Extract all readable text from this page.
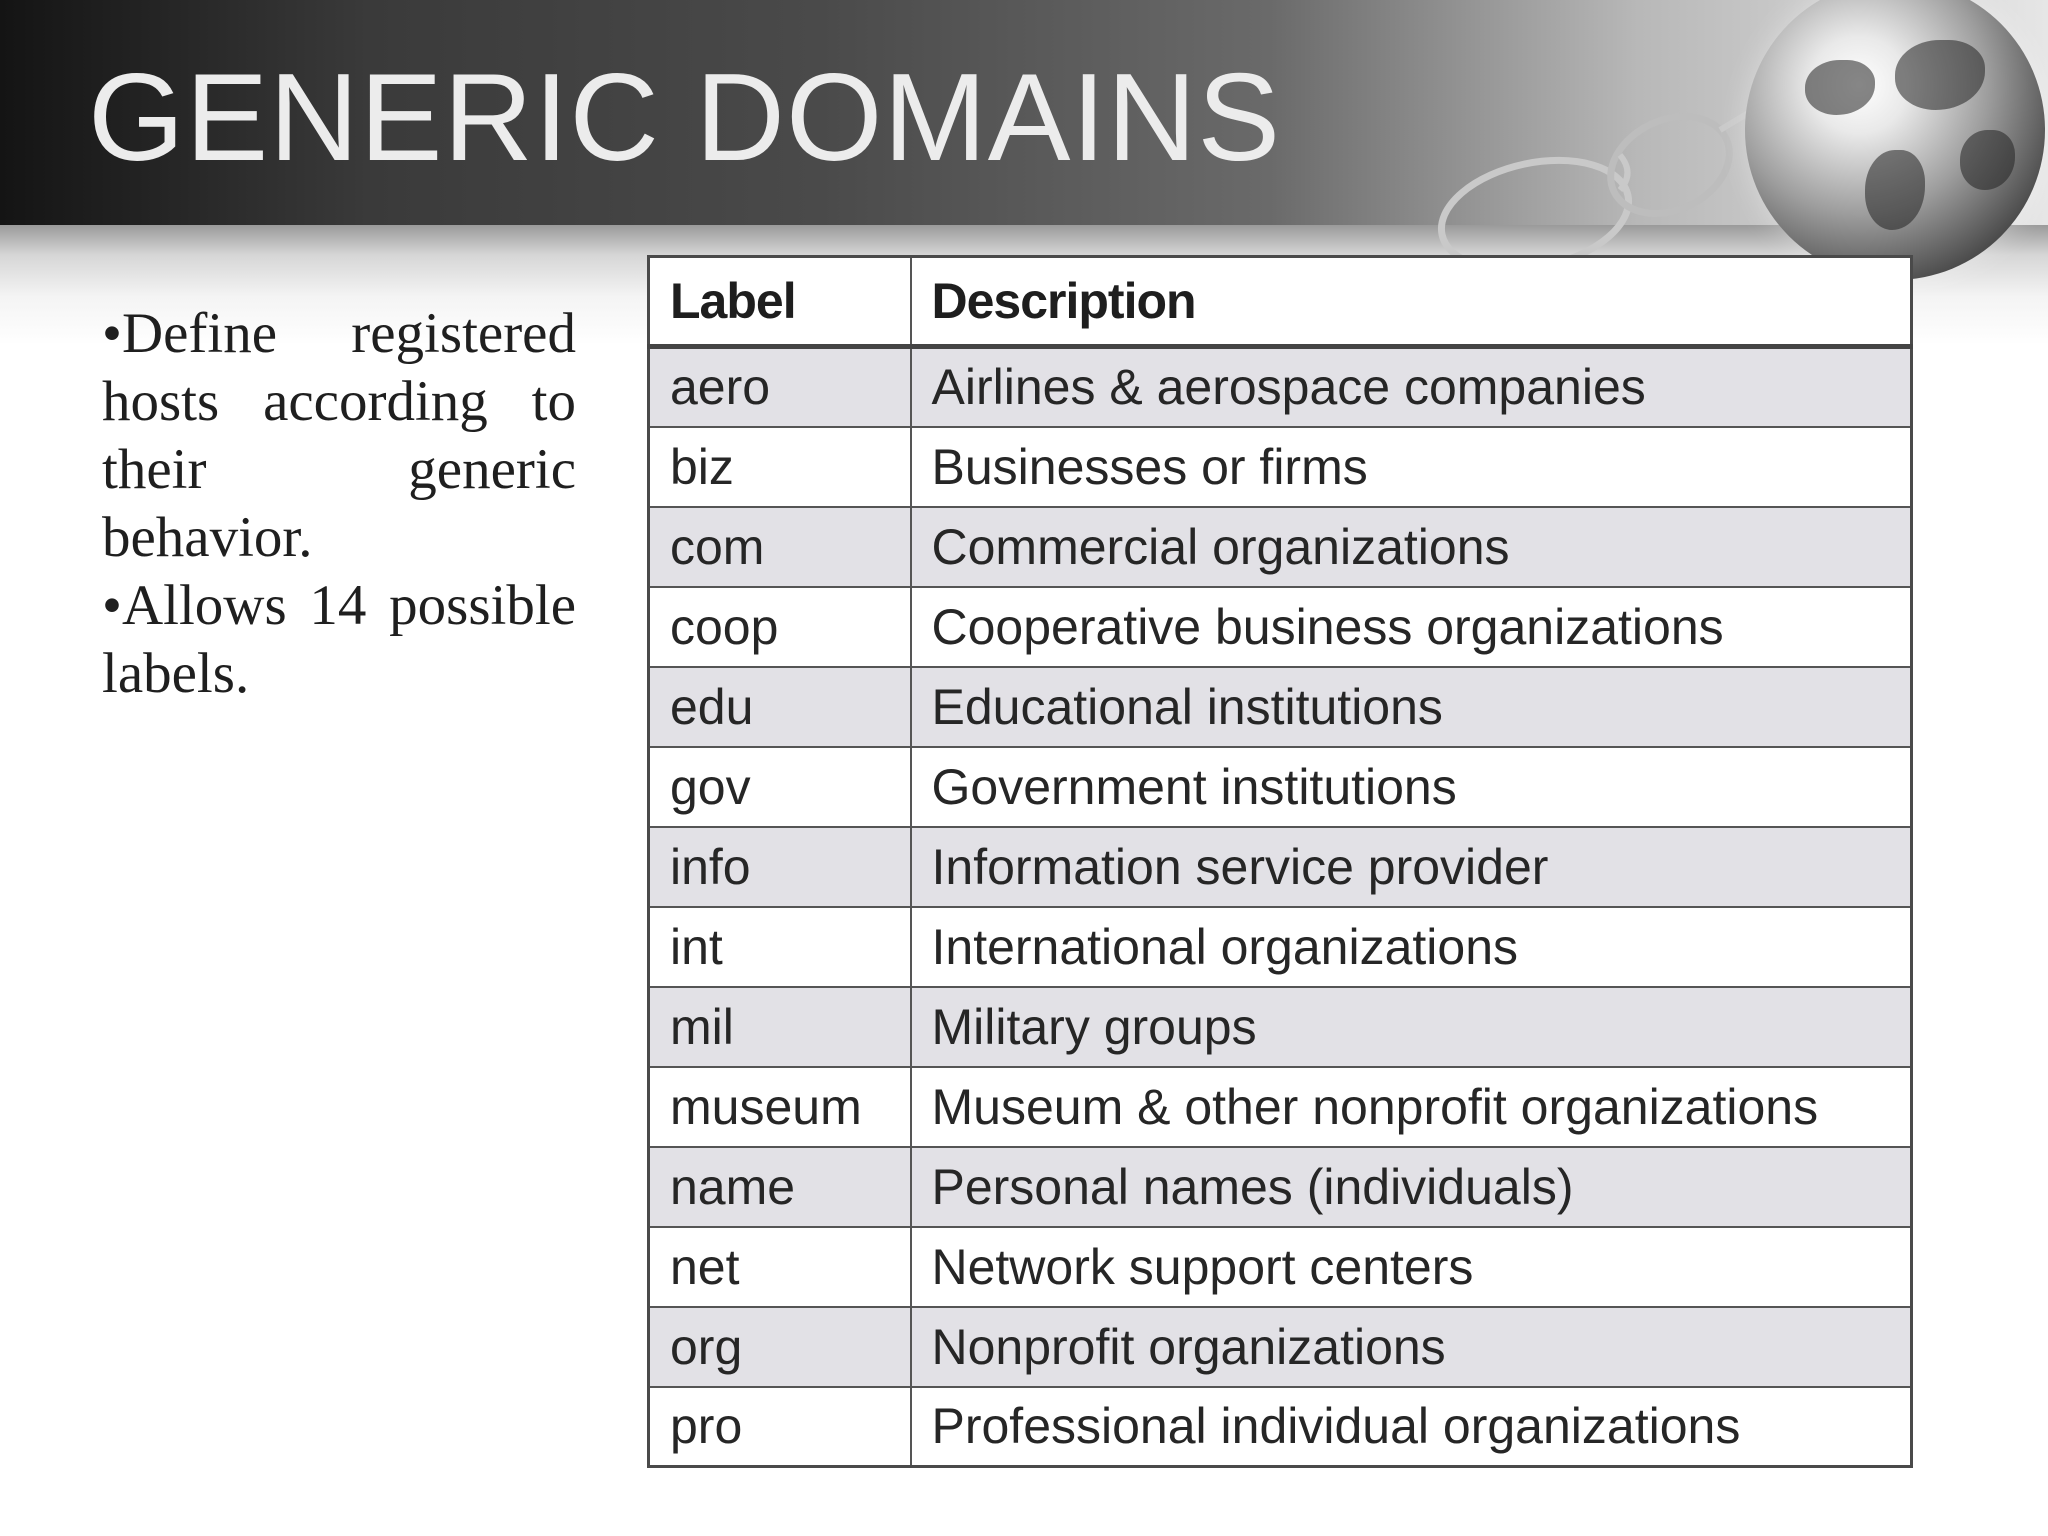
GENERIC DOMAINS

•Define registered hosts according to their generic behavior.

•Allows 14 possible labels.

Label	Description
aero	Airlines & aerospace companies
biz	Businesses or firms
com	Commercial organizations
coop	Cooperative business organizations
edu	Educational institutions
gov	Government institutions
info	Information service provider
int	International organizations
mil	Military groups
museum	Museum & other nonprofit organizations
name	Personal names (individuals)
net	Network support centers
org	Nonprofit organizations
pro	Professional individual organizations
